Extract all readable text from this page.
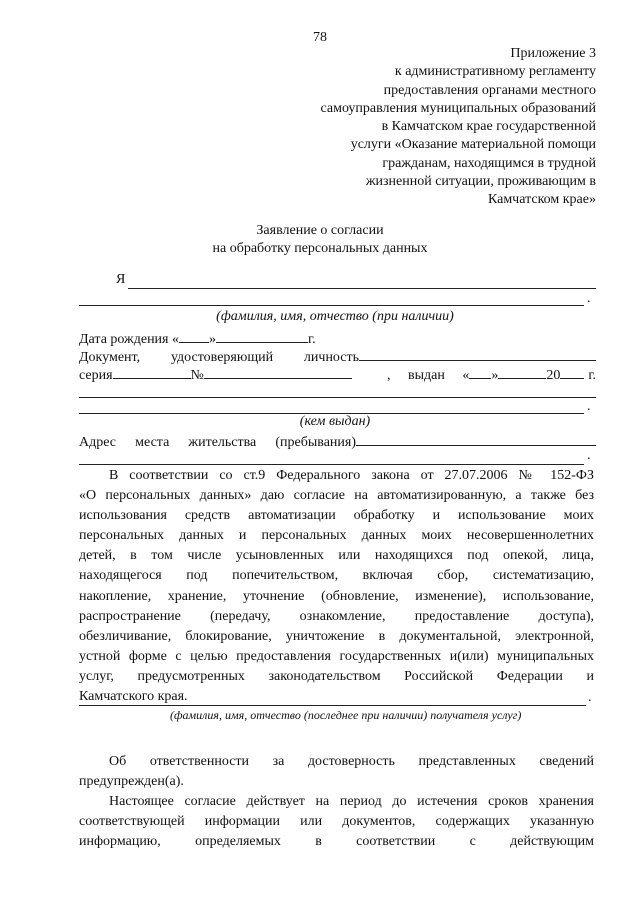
78
Приложение 3
к административному регламенту
предоставления органами местного
самоуправления муниципальных образований
в Камчатском крае государственной
услуги «Оказание материальной помощи
гражданам, находящимся в трудной
жизненной ситуации, проживающим в
Камчатском крае»
Заявление о согласии
на обработку персональных данных
Я
.
(фамилия, имя, отчество (при наличии)
Дата рождения « »	г.
Документ, удостоверяющий личность
серия	№	, выдан « »	20 г.
.
(кем выдан)
Адрес места жительства (пребывания)
.
В соответствии со ст.9 Федерального закона от 27.07.2006 № 152-ФЗ
«О персональных данных» даю согласие на автоматизированную, а также без
использования средств автоматизации обработку и использование моих
персональных данных и персональных данных моих несовершеннолетних
детей, в том числе усыновленных или находящихся под опекой, лица,
находящегося под попечительством, включая сбор, систематизацию,
накопление, хранение, уточнение (обновление, изменение), использование,
распространение (передачу, ознакомление, предоставление доступа),
обезличивание, блокирование, уничтожение в документальной, электронной,
устной форме с целью предоставления государственных и(или) муниципальных
услуг, предусмотренных законодательством Российской Федерации и
Камчатского края.	.
(фамилия, имя, отчество (последнее при наличии) получателя услуг)
Об ответственности за достоверность представленных сведений
предупрежден(а).
Настоящее согласие действует на период до истечения сроков хранения
соответствующей информации или документов, содержащих указанную
информацию, определяемых в соответствии с действующим
